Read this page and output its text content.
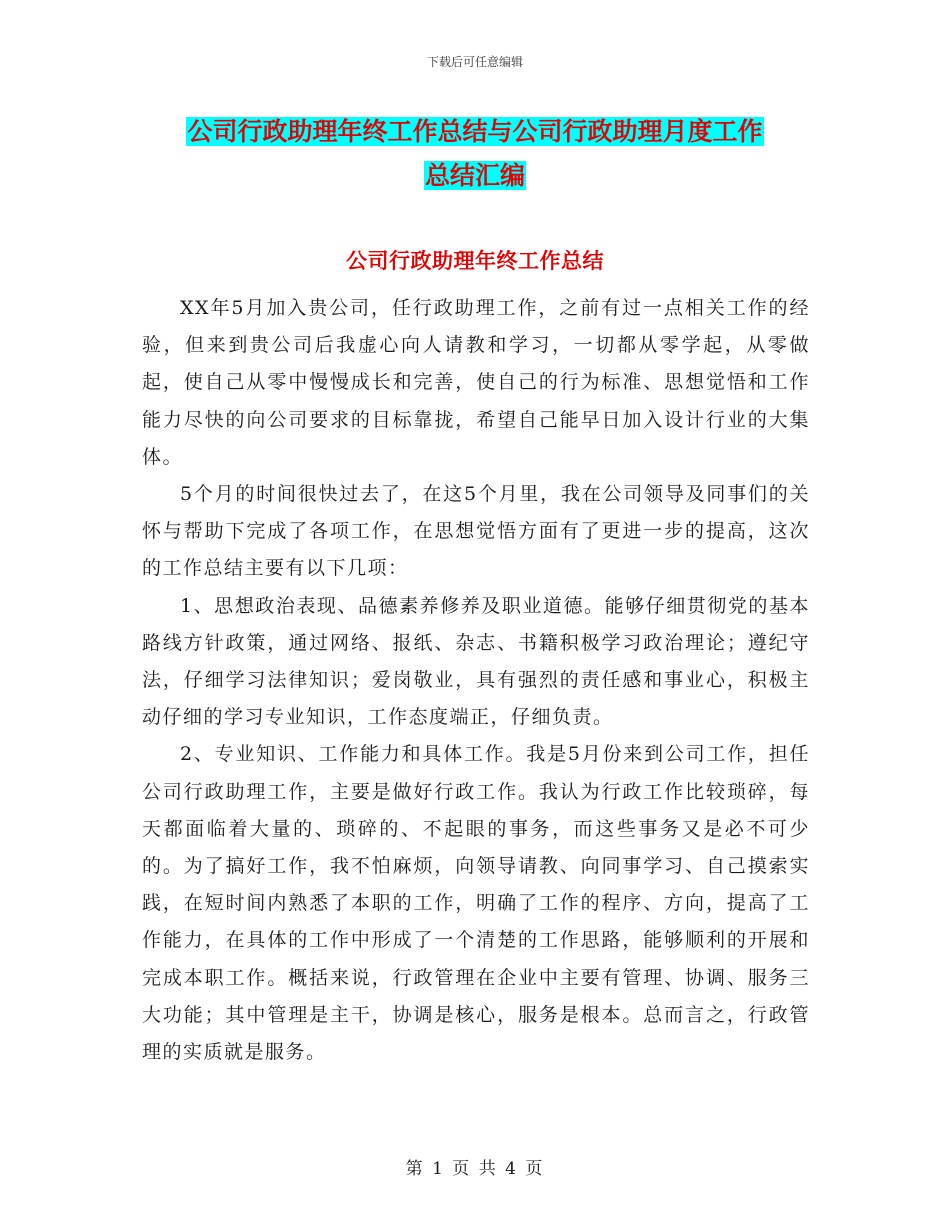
下载后可任意编辑
公司行政助理年终工作总结与公司行政助理月度工作
总结汇编
公司行政助理年终工作总结

XX年5月加入贵公司，任行政助理工作，之前有过一点相关工作的经验，但来到贵公司后我虚心向人请教和学习，一切都从零学起，从零做起，使自己从零中慢慢成长和完善，使自己的行为标准、思想觉悟和工作能力尽快的向公司要求的目标靠拢，希望自己能早日加入设计行业的大集体。

5个月的时间很快过去了，在这5个月里，我在公司领导及同事们的关怀与帮助下完成了各项工作，在思想觉悟方面有了更进一步的提高，这次的工作总结主要有以下几项：

1、思想政治表现、品德素养修养及职业道德。能够仔细贯彻党的基本路线方针政策，通过网络、报纸、杂志、书籍积极学习政治理论；遵纪守法，仔细学习法律知识；爱岗敬业，具有强烈的责任感和事业心，积极主动仔细的学习专业知识，工作态度端正，仔细负责。

2、专业知识、工作能力和具体工作。我是5月份来到公司工作，担任公司行政助理工作，主要是做好行政工作。我认为行政工作比较琐碎，每天都面临着大量的、琐碎的、不起眼的事务，而这些事务又是必不可少的。为了搞好工作，我不怕麻烦，向领导请教、向同事学习、自己摸索实践，在短时间内熟悉了本职的工作，明确了工作的程序、方向，提高了工作能力，在具体的工作中形成了一个清楚的工作思路，能够顺利的开展和完成本职工作。概括来说，行政管理在企业中主要有管理、协调、服务三大功能；其中管理是主干，协调是核心，服务是根本。总而言之，行政管理的实质就是服务。

第 1 页 共 4 页
